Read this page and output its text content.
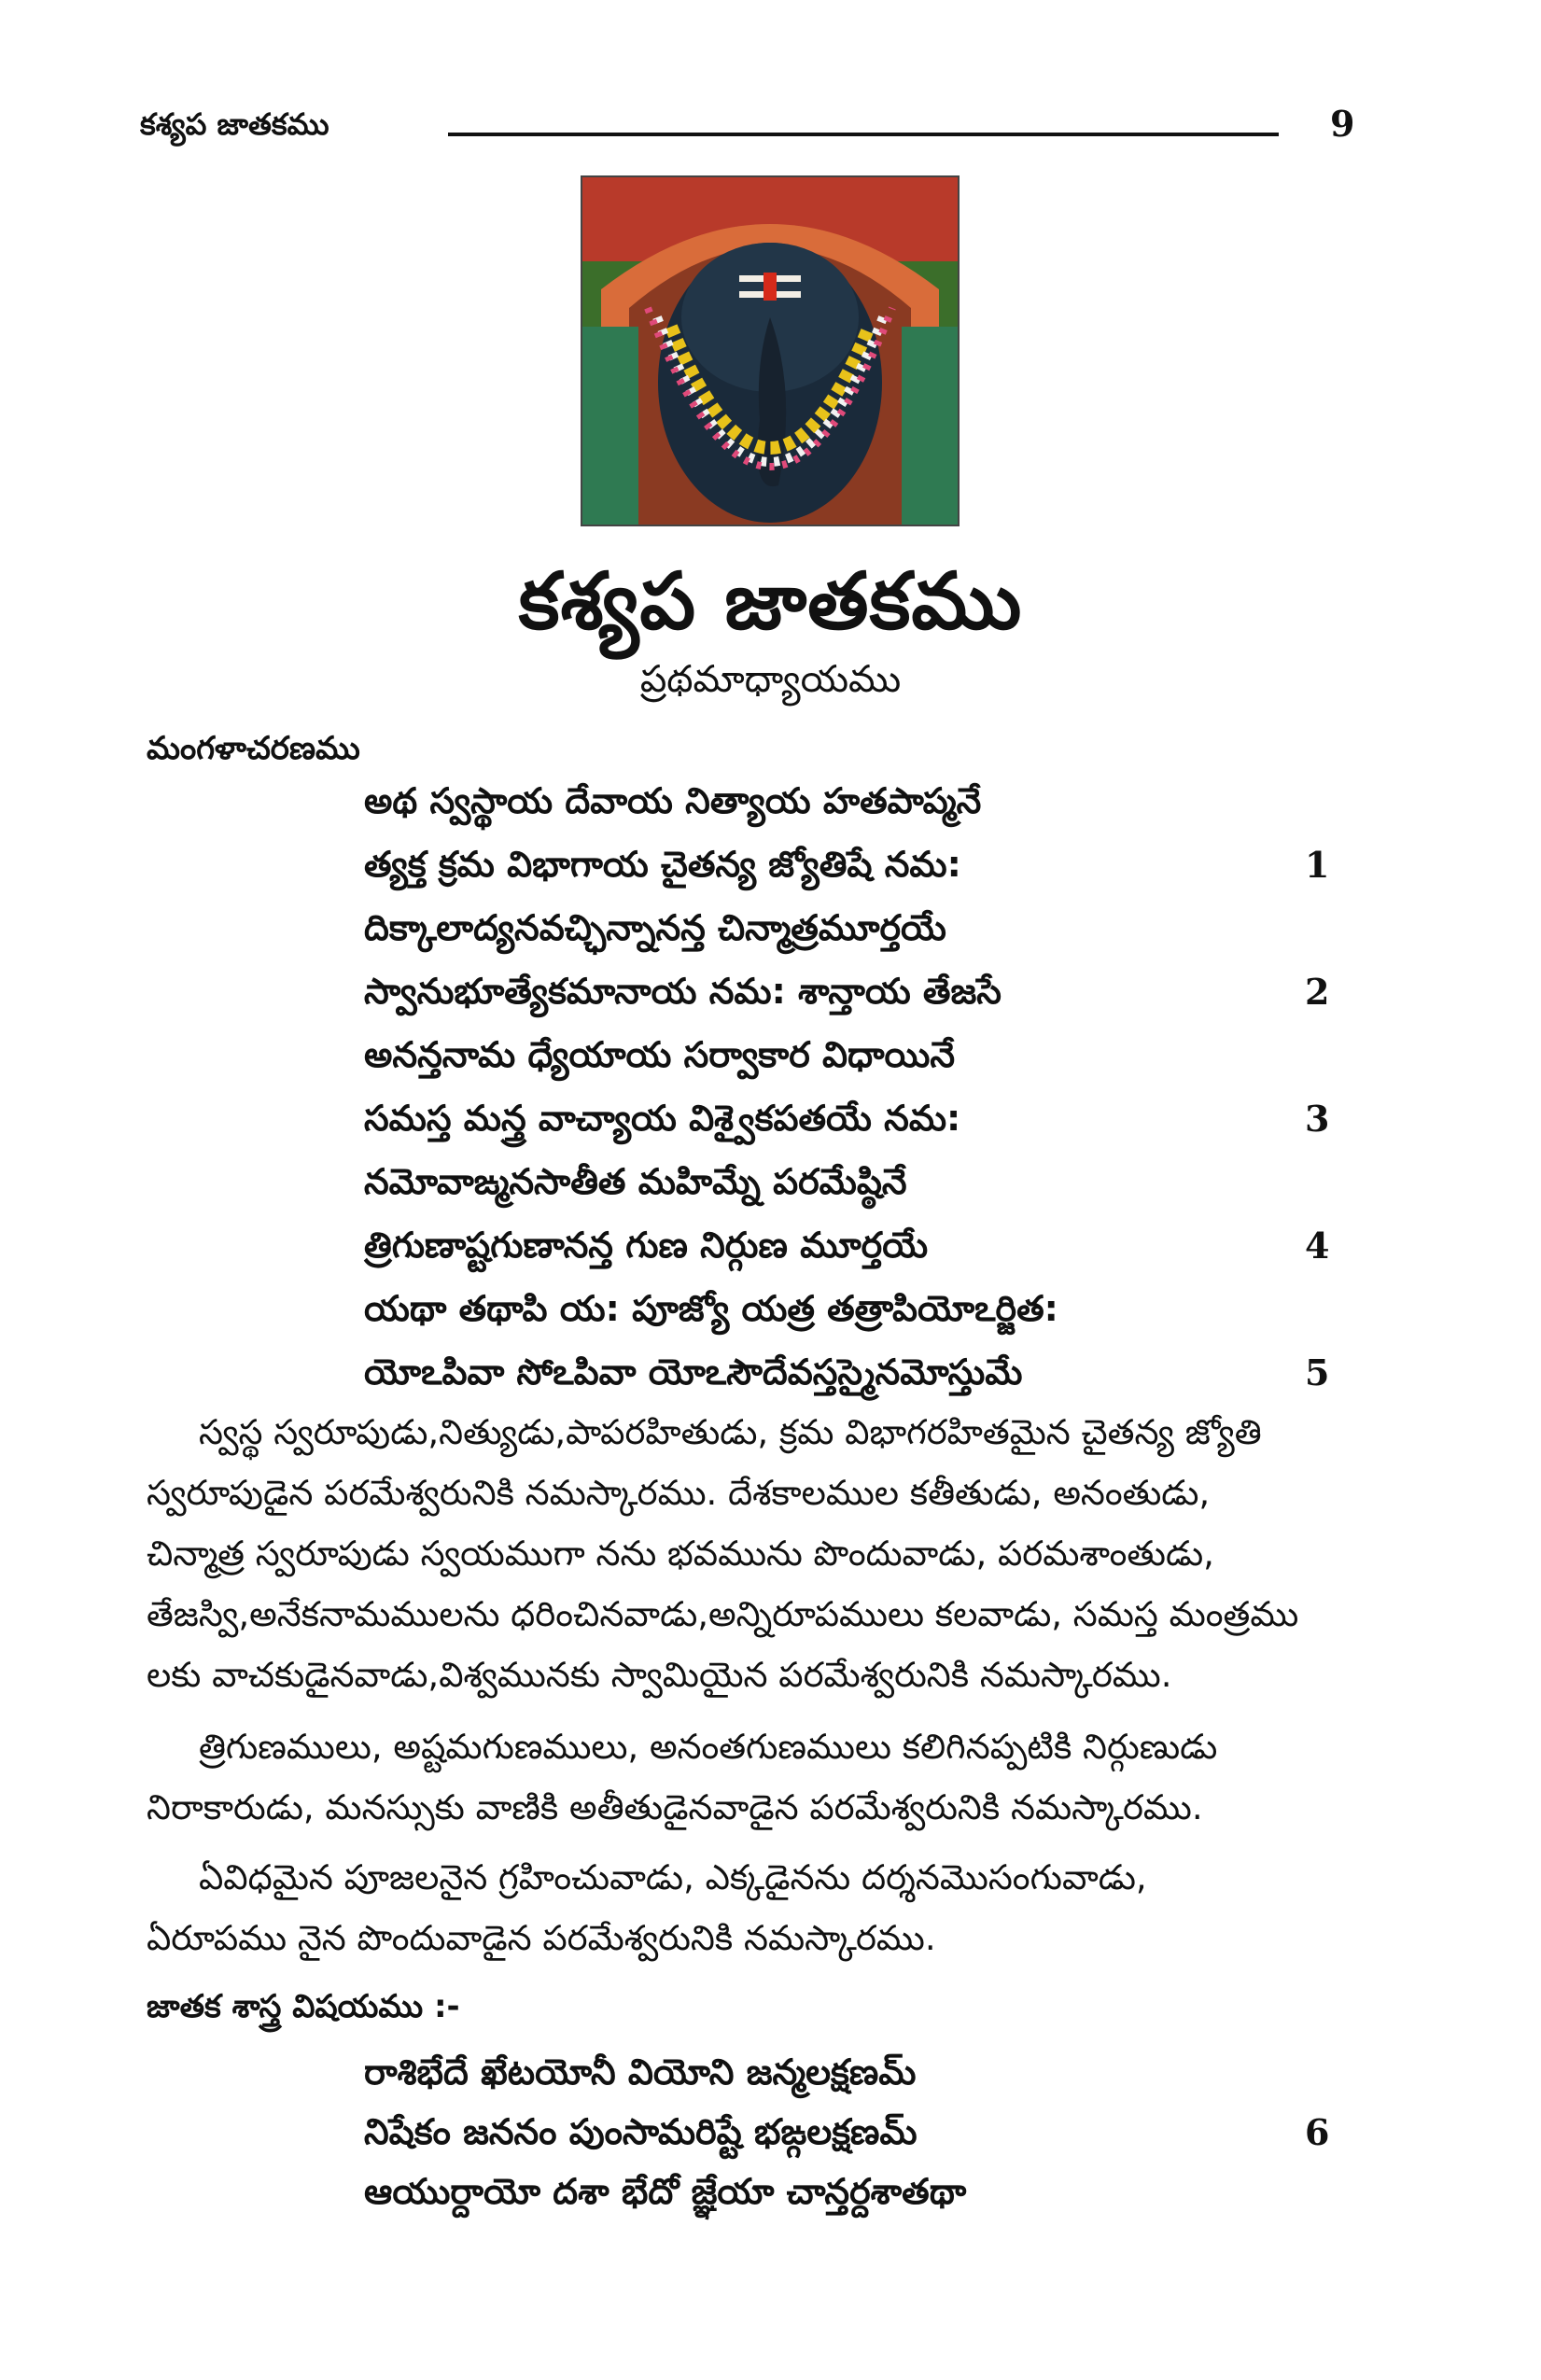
కశ్యప జాతకము	9
కశ్యప జాతకము
ప్రథమాధ్యాయము
మంగళాచరణము
అథ స్వస్థాయ దేవాయ నిత్యాయ హతపాప్మనే
త్యక్త క్రమ విభాగాయ చైతన్య జ్యోతిషే నమ:	1
దిక్కాలాద్యనవచ్ఛిన్నానన్త చిన్మాత్రమూర్తయే
స్వానుభూత్యేకమానాయ నమ: శాన్తాయ తేజసే	2
అనన్తనామ ధ్యేయాయ సర్వాకార విధాయినే
సమస్త మన్త్ర వాచ్యాయ విశ్వైకపతయే నమ:	3
నమోవాఙ్మనసాతీత మహిమ్నే పరమేష్ఠినే
త్రిగుణాష్టగుణానన్త గుణ నిర్గుణ మూర్తయే	4
యథా తథాపి య: పూజ్యో యత్ర తత్రాపియోఽర్జిత:
యోఽపివా సోఽపివా యోఽసౌదేవస్తస్మైనమోస్తుమే	5
స్వస్థ స్వరూపుడు,నిత్యుడు,పాపరహితుడు, క్రమ విభాగరహితమైన చైతన్య జ్యోతి
స్వరూపుడైన పరమేశ్వరునికి నమస్కారము. దేశకాలముల కతీతుడు, అనంతుడు,
చిన్మాత్ర స్వరూపుడు స్వయముగా నను భవమును పొందువాడు, పరమశాంతుడు,
తేజస్వి,అనేకనామములను ధరించినవాడు,అన్నిరూపములు కలవాడు, సమస్త మంత్రము
లకు వాచకుడైనవాడు,విశ్వమునకు స్వామియైన పరమేశ్వరునికి నమస్కారము.
త్రిగుణములు, అష్టమగుణములు, అనంతగుణములు కలిగినప్పటికి నిర్గుణుడు
నిరాకారుడు, మనస్సుకు వాణికి అతీతుడైనవాడైన పరమేశ్వరునికి నమస్కారము.
ఏవిధమైన పూజలనైన గ్రహించువాడు, ఎక్కడైనను దర్శనమొసంగువాడు,
ఏరూపము నైన పొందువాడైన పరమేశ్వరునికి నమస్కారము.
జాతక శాస్త్ర విషయము :-
రాశిభేదే ఖేటయోనీ వియోని జన్మలక్షణమ్
నిషేకం జననం పుంసామరిష్టే భఙ్గలక్షణమ్	6
ఆయుర్దాయో దశా భేదో జ్ఞేయా చాన్తర్దశాతథా
